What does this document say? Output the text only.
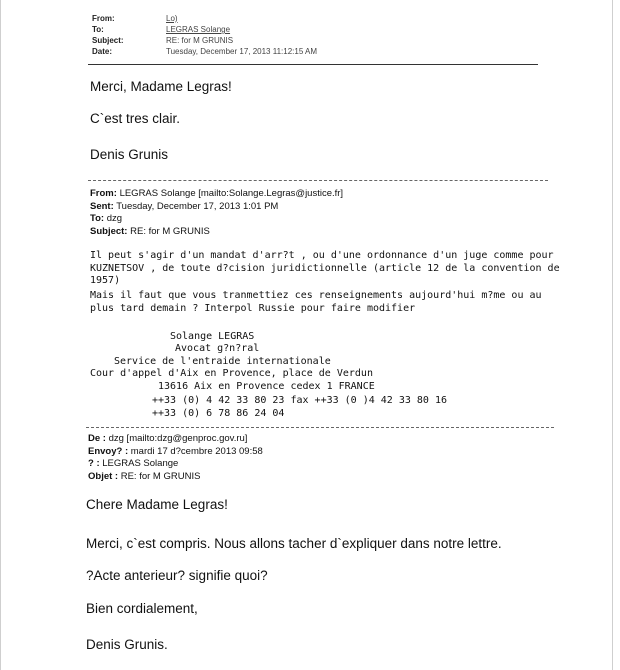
From:	Lo)
To:	LEGRAS Solange
Subject:	RE: for M GRUNIS
Date:	Tuesday, December 17, 2013 11:12:15 AM
Merci, Madame Legras!
C`est tres clair.
Denis Grunis
From: LEGRAS Solange [mailto:Solange.Legras@justice.fr]
Sent: Tuesday, December 17, 2013 1:01 PM
To: dzg
Subject: RE: for M GRUNIS
Il peut s'agir d'un mandat d'arr?t , ou d'une ordonnance d'un juge comme pour
KUZNETSOV , de toute d?cision juridictionnelle (article 12 de la convention de
1957)
Mais il faut que vous tranmettiez ces renseignements aujourd'hui m?me ou au
plus tard demain ? Interpol Russie pour faire modifier
Solange LEGRAS
Avocat g?n?ral
Service de l'entraide internationale
Cour d'appel d'Aix en Provence, place de Verdun
13616 Aix en Provence cedex 1 FRANCE
++33 (0) 4 42 33 80 23 fax ++33 (0 )4 42 33 80 16
++33 (0) 6 78 86 24 04
De : dzg [mailto:dzg@genproc.gov.ru]
Envoy? : mardi 17 d?cembre 2013 09:58
? : LEGRAS Solange
Objet : RE: for M GRUNIS
Chere Madame Legras!
Merci, c`est compris. Nous allons tacher d`expliquer dans notre lettre.
?Acte anterieur? signifie quoi?
Bien cordialement,
Denis Grunis.
